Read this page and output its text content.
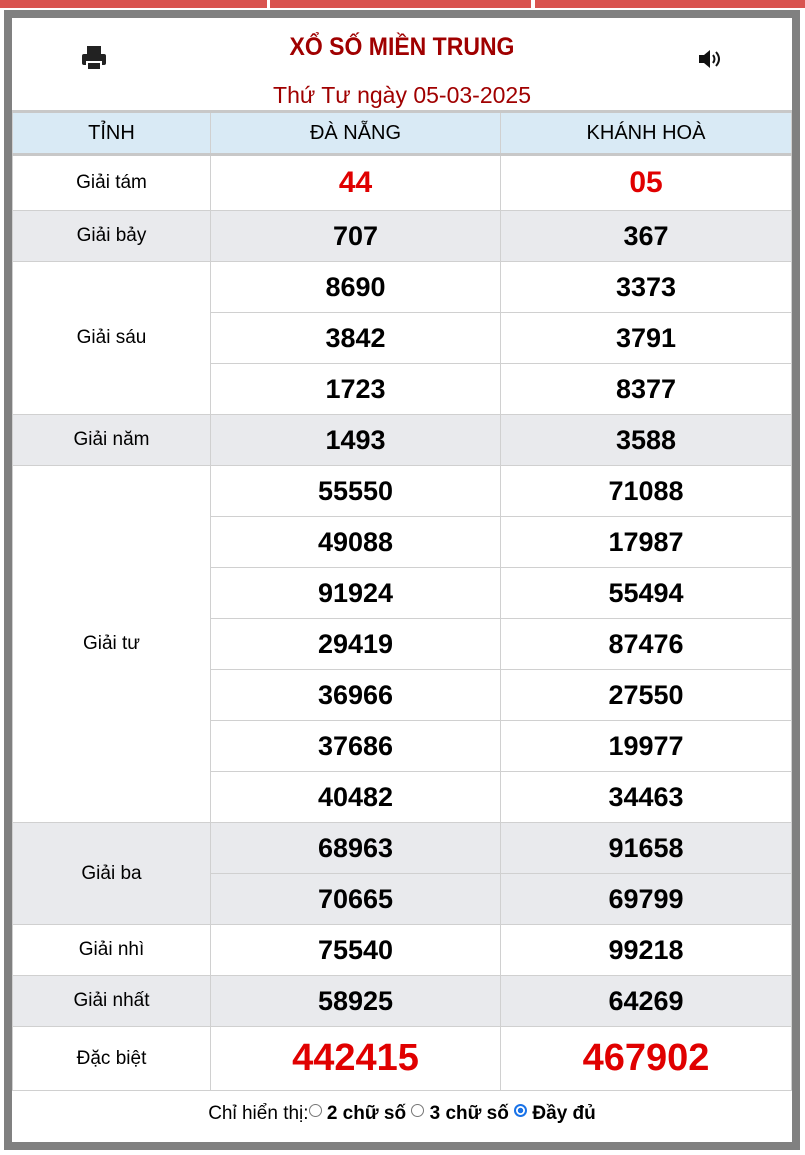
XỔ SỐ MIỀN TRUNG
Thứ Tư ngày 05-03-2025
TỈNH	ĐÀ NẴNG	KHÁNH HOÀ
Giải tám	44	05
Giải bảy	707	367
Giải sáu	8690	3373
	3842	3791
	1723	8377
Giải năm	1493	3588
Giải tư	55550	71088
	49088	17987
	91924	55494
	29419	87476
	36966	27550
	37686	19977
	40482	34463
Giải ba	68963	91658
	70665	69799
Giải nhì	75540	99218
Giải nhất	58925	64269
Đặc biệt	442415	467902
Chỉ hiển thị: 2 chữ số 3 chữ số Đầy đủ
